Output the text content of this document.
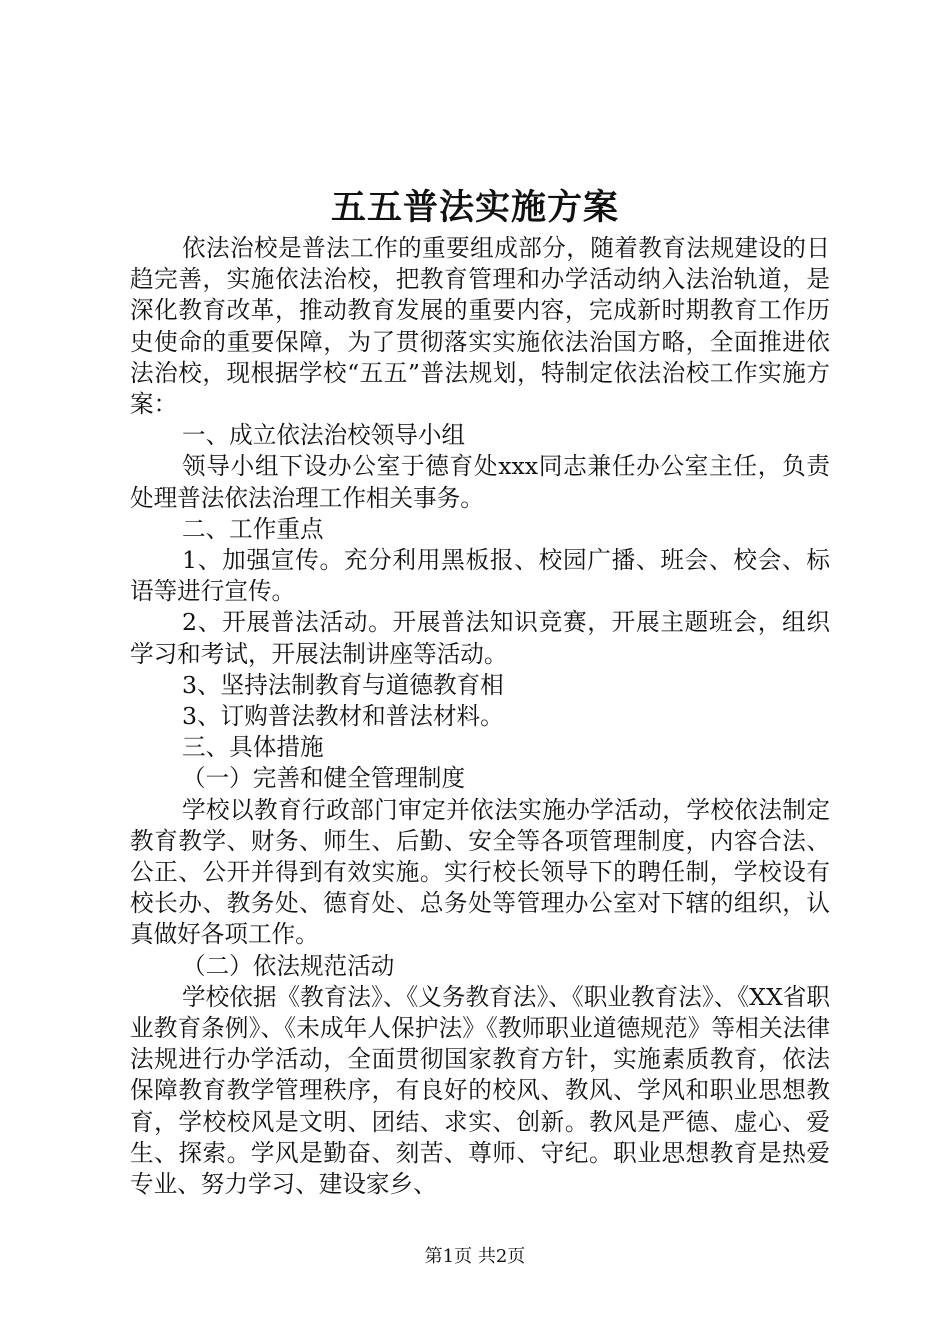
五五普法实施方案

依法治校是普法工作的重要组成部分，随着教育法规建设的日趋完善，实施依法治校，把教育管理和办学活动纳入法治轨道，是深化教育改革，推动教育发展的重要内容，完成新时期教育工作历史使命的重要保障，为了贯彻落实实施依法治国方略，全面推进依法治校，现根据学校“五五”普法规划，特制定依法治校工作实施方案：

一、成立依法治校领导小组

领导小组下设办公室于德育处xxx同志兼任办公室主任，负责处理普法依法治理工作相关事务。

二、工作重点

1、加强宣传。充分利用黑板报、校园广播、班会、校会、标语等进行宣传。

2、开展普法活动。开展普法知识竞赛，开展主题班会，组织学习和考试，开展法制讲座等活动。

3、坚持法制教育与道德教育相

3、订购普法教材和普法材料。

三、具体措施

（一）完善和健全管理制度

学校以教育行政部门审定并依法实施办学活动，学校依法制定教育教学、财务、师生、后勤、安全等各项管理制度，内容合法、公正、公开并得到有效实施。实行校长领导下的聘任制，学校设有校长办、教务处、德育处、总务处等管理办公室对下辖的组织，认真做好各项工作。

（二）依法规范活动

学校依据《教育法》、《义务教育法》、《职业教育法》、《XX省职业教育条例》、《未成年人保护法》《教师职业道德规范》等相关法律法规进行办学活动，全面贯彻国家教育方针，实施素质教育，依法保障教育教学管理秩序，有良好的校风、教风、学风和职业思想教育，学校校风是文明、团结、求实、创新。教风是严德、虚心、爱生、探索。学风是勤奋、刻苦、尊师、守纪。职业思想教育是热爱专业、努力学习、建设家乡、

第1页 共2页
